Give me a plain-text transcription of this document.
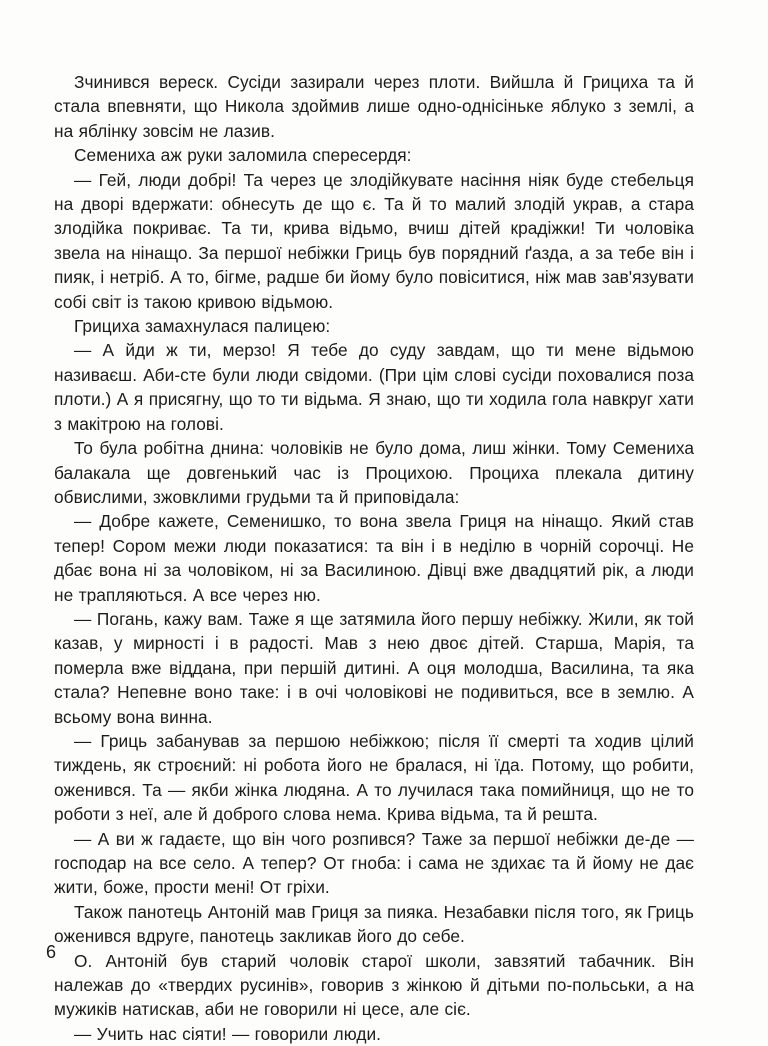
Зчинився вереск. Сусіди зазирали через плоти. Вийшла й Грициха та й стала впевняти, що Никола здоймив лише одно-однісіньке яблуко з землі, а на яблінку зовсім не лазив.

Семениха аж руки заломила спересердя:

— Гей, люди добрі! Та через це злодійкувате насіння ніяк буде стебельця на дворі вдержати: обнесуть де що є. Та й то малий злодій украв, а стара злодійка покриває. Та ти, крива відьмо, вчиш дітей крадіжки! Ти чоловіка звела на нінащо. За першої небіжки Гриць був порядний ґазда, а за тебе він і пияк, і нетріб. А то, бігме, радше би йому було повіситися, ніж мав зав'язувати собі світ із такою кривою відьмою.

Грициха замахнулася палицею:

— А йди ж ти, мерзо! Я тебе до суду завдам, що ти мене відьмою називаєш. Аби-сте були люди свідоми. (При цім слові сусіди поховалися поза плоти.) А я присягну, що то ти відьма. Я знаю, що ти ходила гола навкруг хати з макітрою на голові.

То була робітна днина: чоловіків не було дома, лиш жінки. Тому Семениха балакала ще довгенький час із Процихою. Проциха плекала дитину обвислими, зжовклими грудьми та й приповідала:

— Добре кажете, Семенишко, то вона звела Гриця на нінащо. Який став тепер! Сором межи люди показатися: та він і в неділю в чорній сорочці. Не дбає вона ні за чоловіком, ні за Василиною. Дівці вже двадцятий рік, а люди не трапляються. А все через ню.

— Погань, кажу вам. Таже я ще затямила його першу небіжку. Жили, як той казав, у мирності і в радості. Мав з нею двоє дітей. Старша, Марія, та померла вже віддана, при першій дитині. А оця молодша, Василина, та яка стала? Непевне воно таке: і в очі чоловікові не подивиться, все в землю. А всьому вона винна.

— Гриць забанував за першою небіжкою; після її смерті та ходив цілий тиждень, як строєний: ні робота його не бралася, ні їда. Потому, що робити, оженився. Та — якби жінка людяна. А то лучилася така помийниця, що не то роботи з неї, але й доброго слова нема. Крива відьма, та й решта.

— А ви ж гадаєте, що він чого розпився? Таже за першої небіжки де-де — господар на все село. А тепер? От гноба: і сама не здихає та й йому не дає жити, боже, прости мені! От гріхи.

Також панотець Антоній мав Гриця за пияка. Незабавки після того, як Гриць оженився вдруге, панотець закликав його до себе.

О. Антоній був старий чоловік старої школи, завзятий табачник. Він належав до «твердих русинів», говорив з жінкою й дітьми по-польськи, а на мужиків натискав, аби не говорили ні цесе, але сіє.

— Учить нас сіяти! — говорили люди.

6
